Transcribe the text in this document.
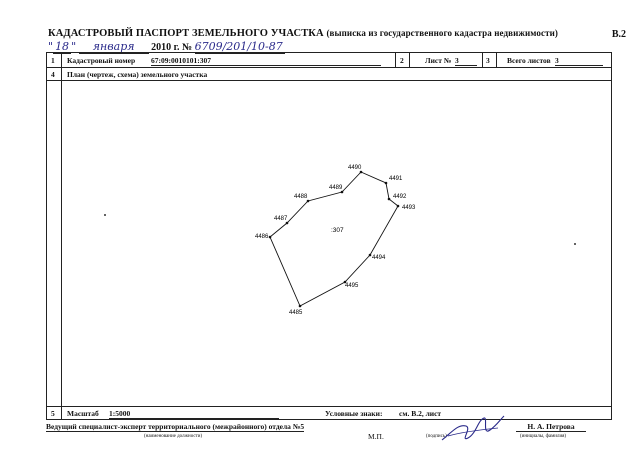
КАДАСТРОВЫЙ ПАСПОРТ ЗЕМЕЛЬНОГО УЧАСТКА (выписка из государственного кадастра недвижимости)	В.2
" 18 " января 2010 г. № 6709/201/10-87
1 Кадастровый номер 67:09:0010101:307	2	Лист № 3	3 Всего листов 3
4 План (чертеж, схема) земельного участка
5 Масштаб 1:5000	Условные знаки: см. В.2, лист
4485
4486
4487
4488
4489
4490
4491
4492
4493
4494
4495
:307
Ведущий специалист-эксперт территориального (межрайонного) отдела №5
(наименование должности)	М.П.	(подпись)
Н. А. Петрова
(инициалы, фамилия)
